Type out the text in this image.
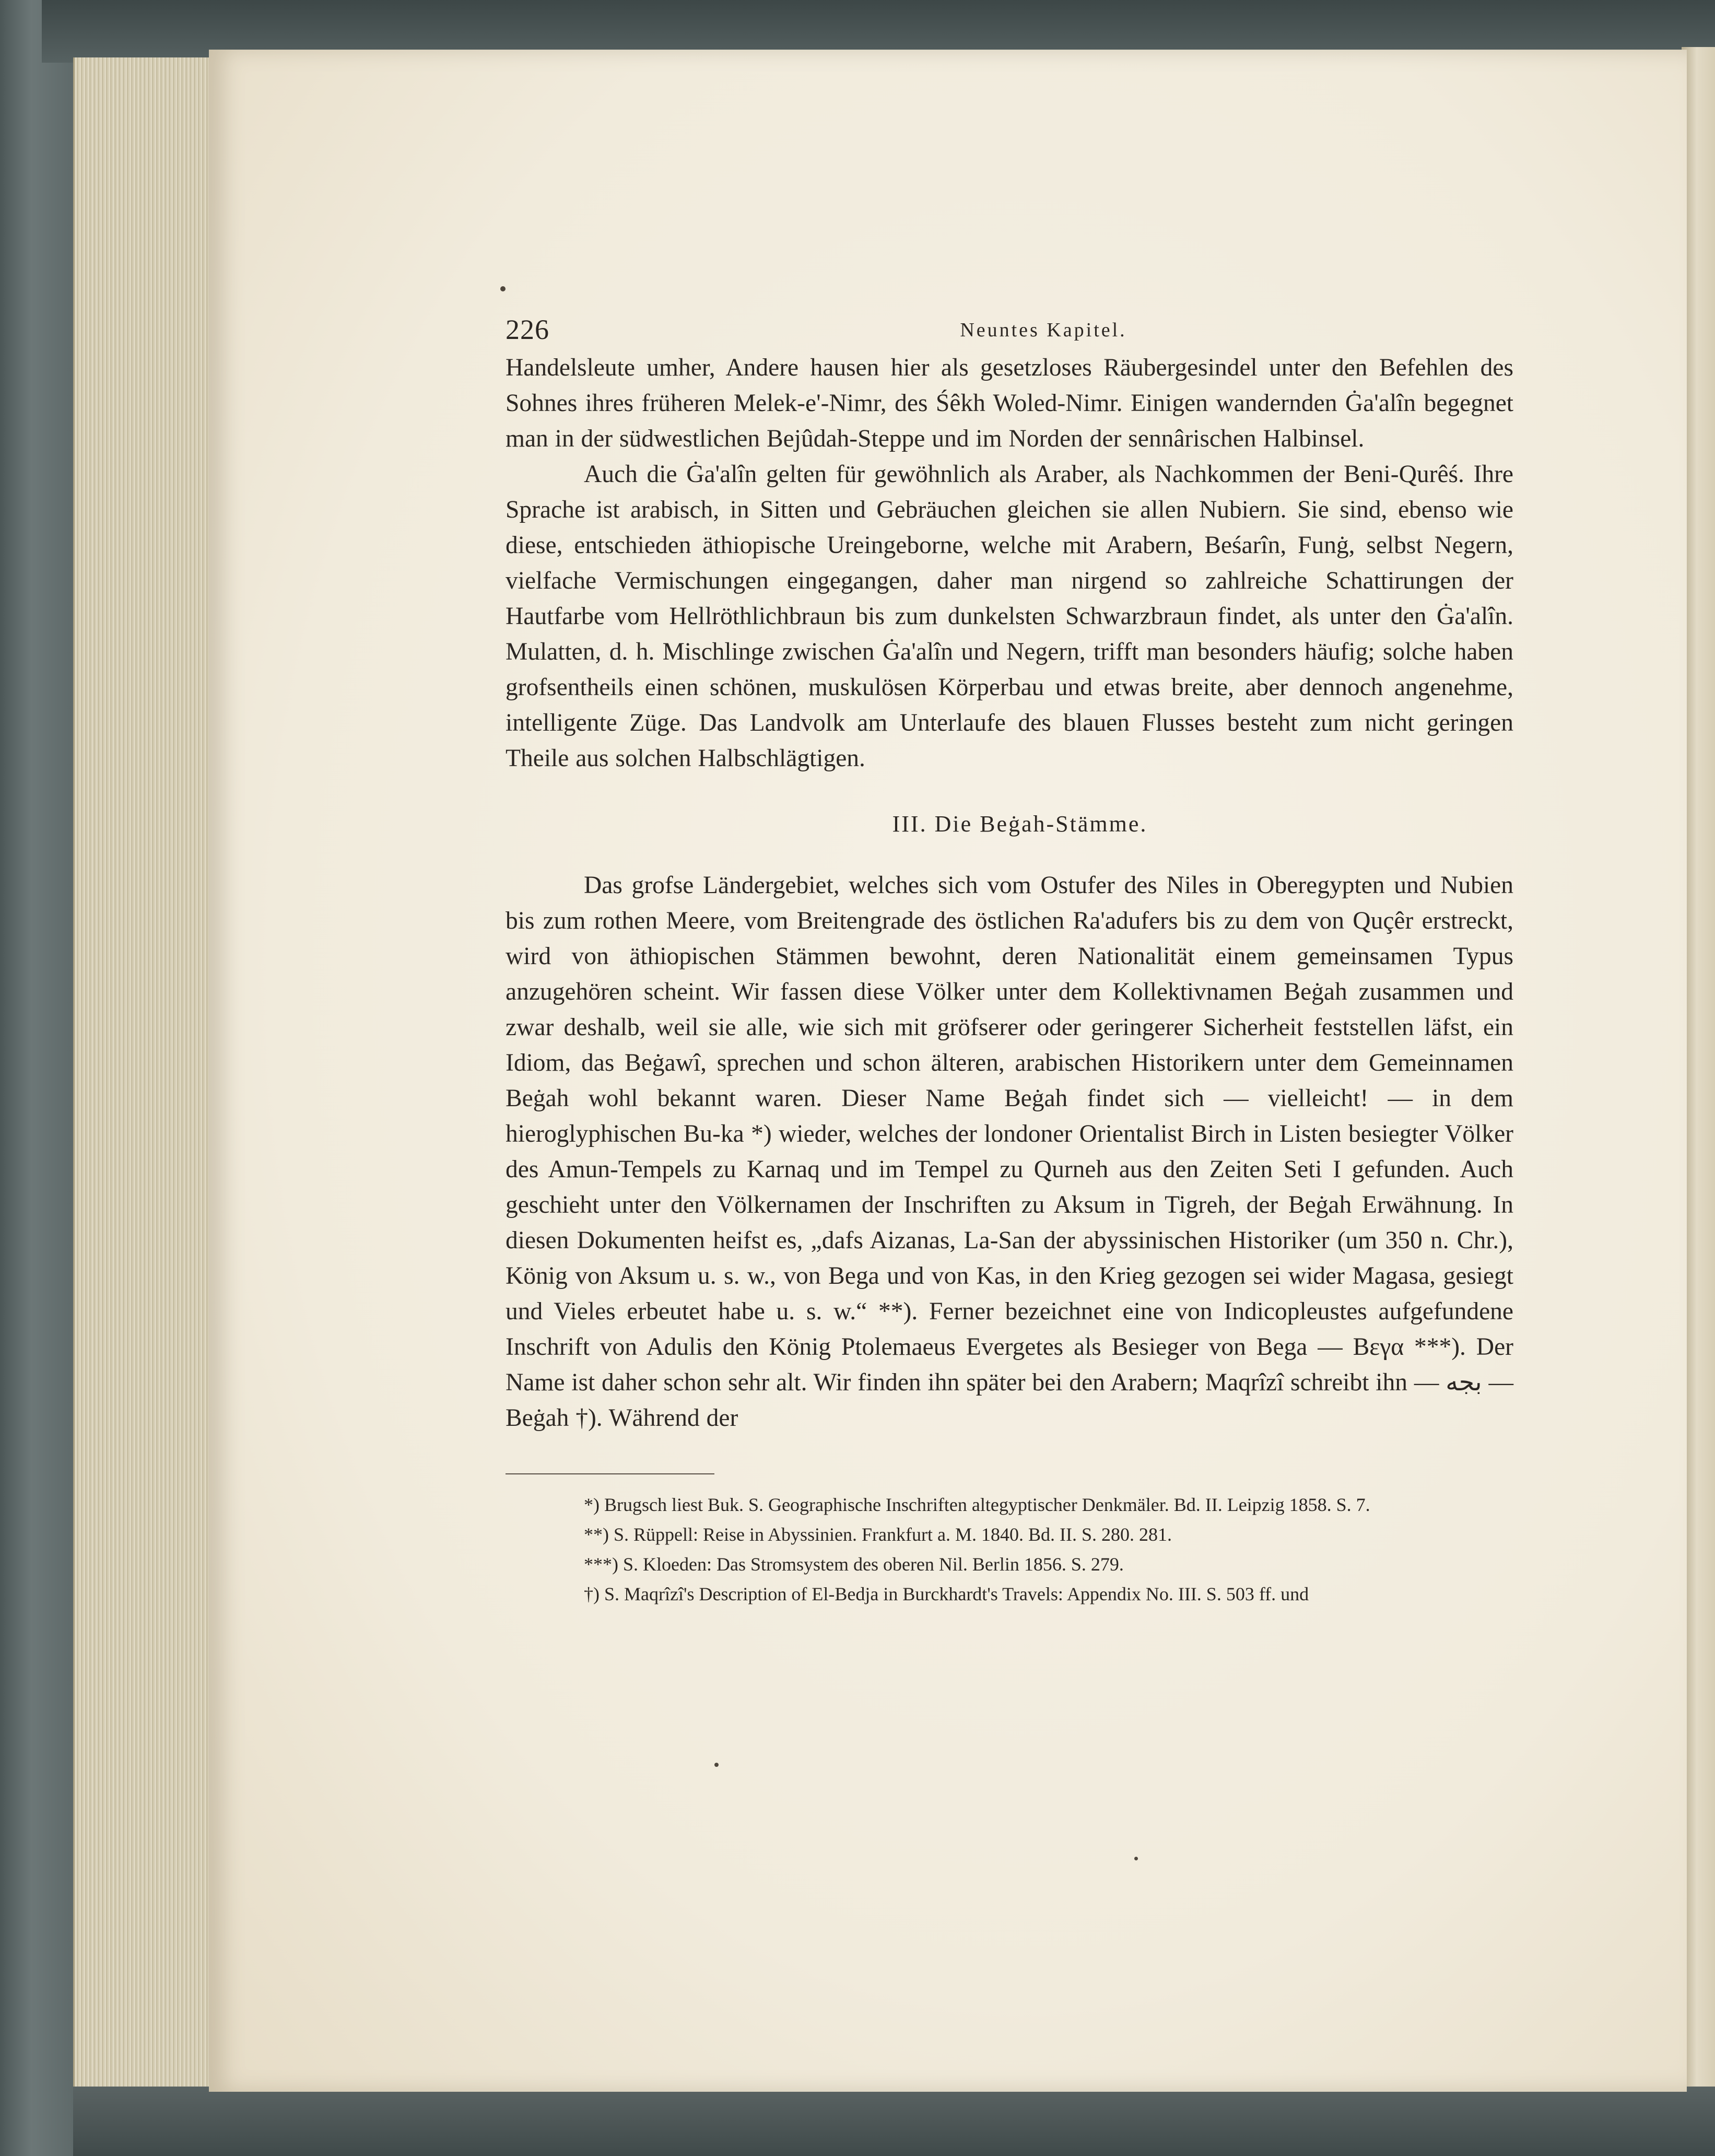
226	Neuntes Kapitel.

Handelsleute umher, Andere hausen hier als gesetzloses Räubergesindel unter den Befehlen des Sohnes ihres früheren Melek-e'-Nimr, des Śêkh Woled-Nimr. Einigen wandernden Ġa'alîn begegnet man in der südwestlichen Bejûdah-Steppe und im Norden der sennârischen Halbinsel.

Auch die Ġa'alîn gelten für gewöhnlich als Araber, als Nachkommen der Beni-Qurêś. Ihre Sprache ist arabisch, in Sitten und Gebräuchen gleichen sie allen Nubiern. Sie sind, ebenso wie diese, entschieden äthiopische Ureingeborne, welche mit Arabern, Beśarîn, Funġ, selbst Negern, vielfache Vermischungen eingegangen, daher man nirgend so zahlreiche Schattirungen der Hautfarbe vom Hellröthlichbraun bis zum dunkelsten Schwarzbraun findet, als unter den Ġa'alîn. Mulatten, d. h. Mischlinge zwischen Ġa'alîn und Negern, trifft man besonders häufig; solche haben grofsentheils einen schönen, muskulösen Körperbau und etwas breite, aber dennoch angenehme, intelligente Züge. Das Landvolk am Unterlaufe des blauen Flusses besteht zum nicht geringen Theile aus solchen Halbschlägtigen.

III. Die Beġah-Stämme.

Das grofse Ländergebiet, welches sich vom Ostufer des Niles in Oberegypten und Nubien bis zum rothen Meere, vom Breitengrade des östlichen Ra'adufers bis zu dem von Quçêr erstreckt, wird von äthiopischen Stämmen bewohnt, deren Nationalität einem gemeinsamen Typus anzugehören scheint. Wir fassen diese Völker unter dem Kollektivnamen Beġah zusammen und zwar deshalb, weil sie alle, wie sich mit gröfserer oder geringerer Sicherheit feststellen läfst, ein Idiom, das Beġawî, sprechen und schon älteren, arabischen Historikern unter dem Gemeinnamen Beġah wohl bekannt waren. Dieser Name Beġah findet sich — vielleicht! — in dem hieroglyphischen Bu-ka *) wieder, welches der londoner Orientalist Birch in Listen besiegter Völker des Amun-Tempels zu Karnaq und im Tempel zu Qurneh aus den Zeiten Seti I gefunden. Auch geschieht unter den Völkernamen der Inschriften zu Aksum in Tigreh, der Beġah Erwähnung. In diesen Dokumenten heifst es, „dafs Aizanas, La-San der abyssinischen Historiker (um 350 n. Chr.), König von Aksum u. s. w., von Bega und von Kas, in den Krieg gezogen sei wider Magasa, gesiegt und Vieles erbeutet habe u. s. w.“ **). Ferner bezeichnet eine von Indicopleustes aufgefundene Inschrift von Adulis den König Ptolemaeus Evergetes als Besieger von Bega — Βεγα ***). Der Name ist daher schon sehr alt. Wir finden ihn später bei den Arabern; Maqrîzî schreibt ihn — بجه — Beġah †). Während der

*) Brugsch liest Buk. S. Geographische Inschriften altegyptischer Denkmäler. Bd. II. Leipzig 1858. S. 7.

**) S. Rüppell: Reise in Abyssinien. Frankfurt a. M. 1840. Bd. II. S. 280. 281.

***) S. Kloeden: Das Stromsystem des oberen Nil. Berlin 1856. S. 279.

†) S. Maqrîzî's Description of El-Bedja in Burckhardt's Travels: Appendix No. III. S. 503 ff. und
